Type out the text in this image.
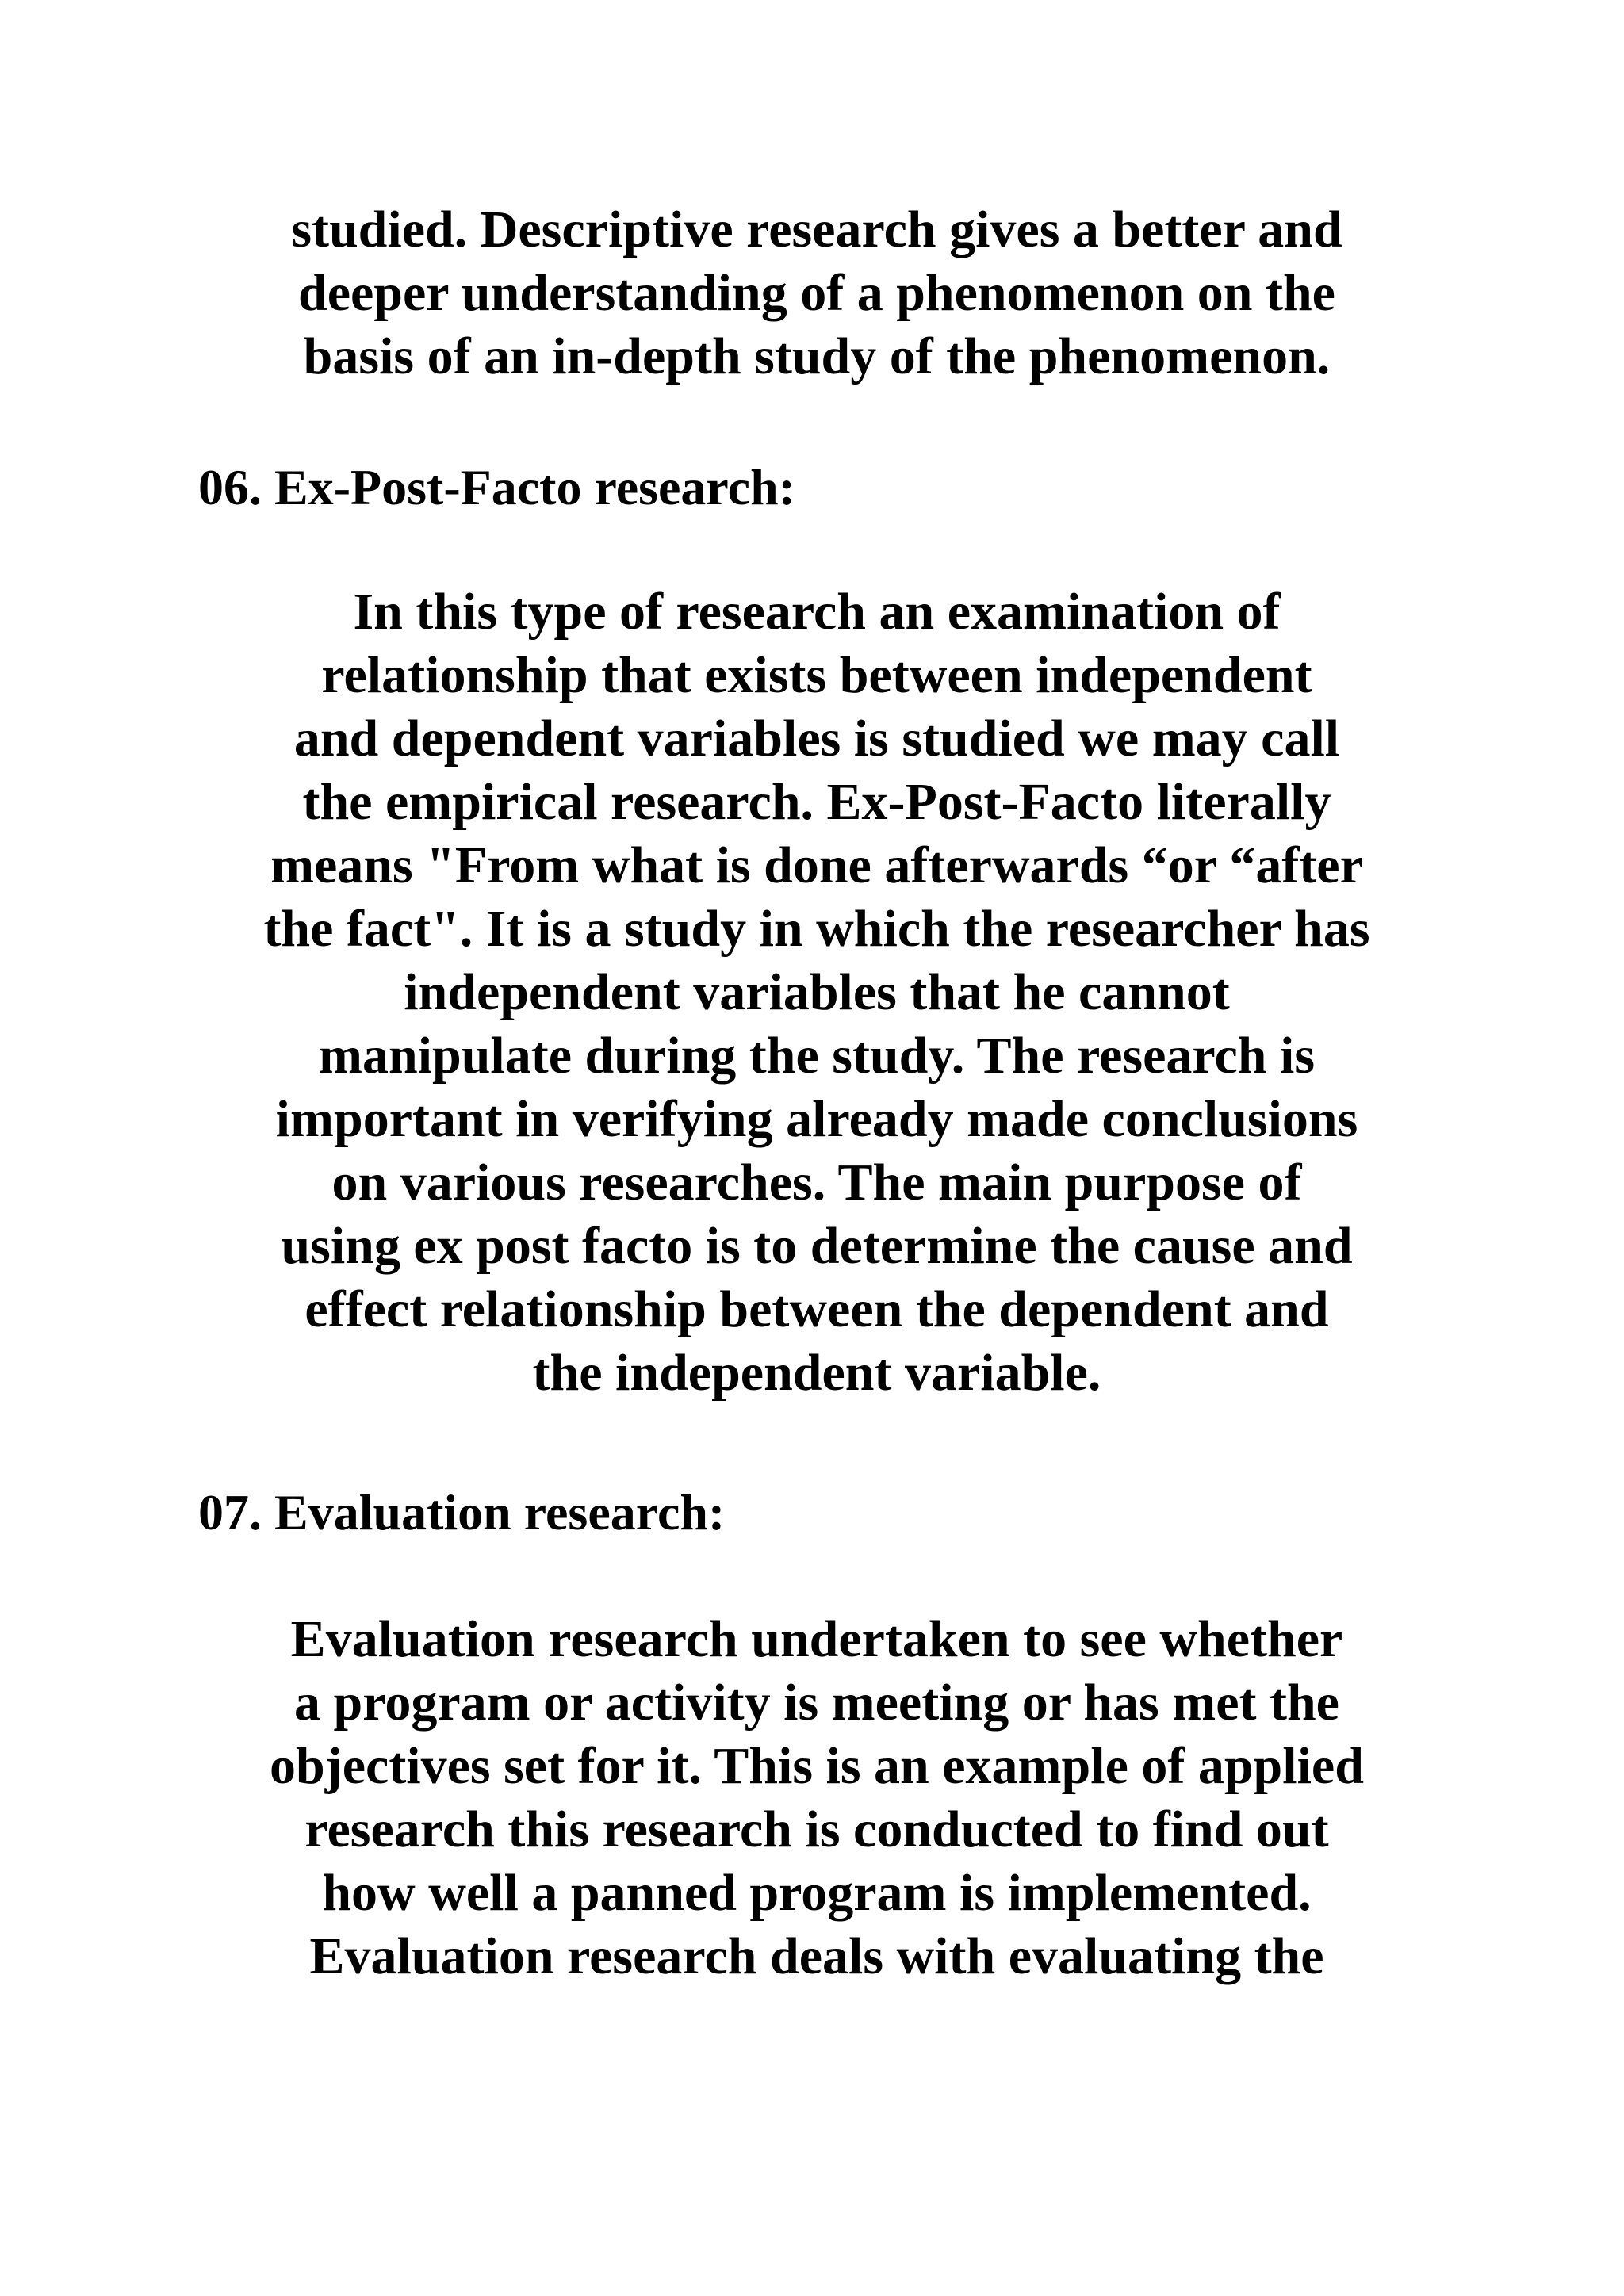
studied. Descriptive research gives a better and
deeper understanding of a phenomenon on the
basis of an in-depth study of the phenomenon.
06. Ex-Post-Facto research:
In this type of research an examination of
relationship that exists between independent
and dependent variables is studied we may call
the empirical research. Ex-Post-Facto literally
means "From what is done afterwards “or “after
the fact". It is a study in which the researcher has
independent variables that he cannot
manipulate during the study. The research is
important in verifying already made conclusions
on various researches. The main purpose of
using ex post facto is to determine the cause and
effect relationship between the dependent and
the independent variable.
07. Evaluation research:
Evaluation research undertaken to see whether
a program or activity is meeting or has met the
objectives set for it. This is an example of applied
research this research is conducted to find out
how well a panned program is implemented.
Evaluation research deals with evaluating the
